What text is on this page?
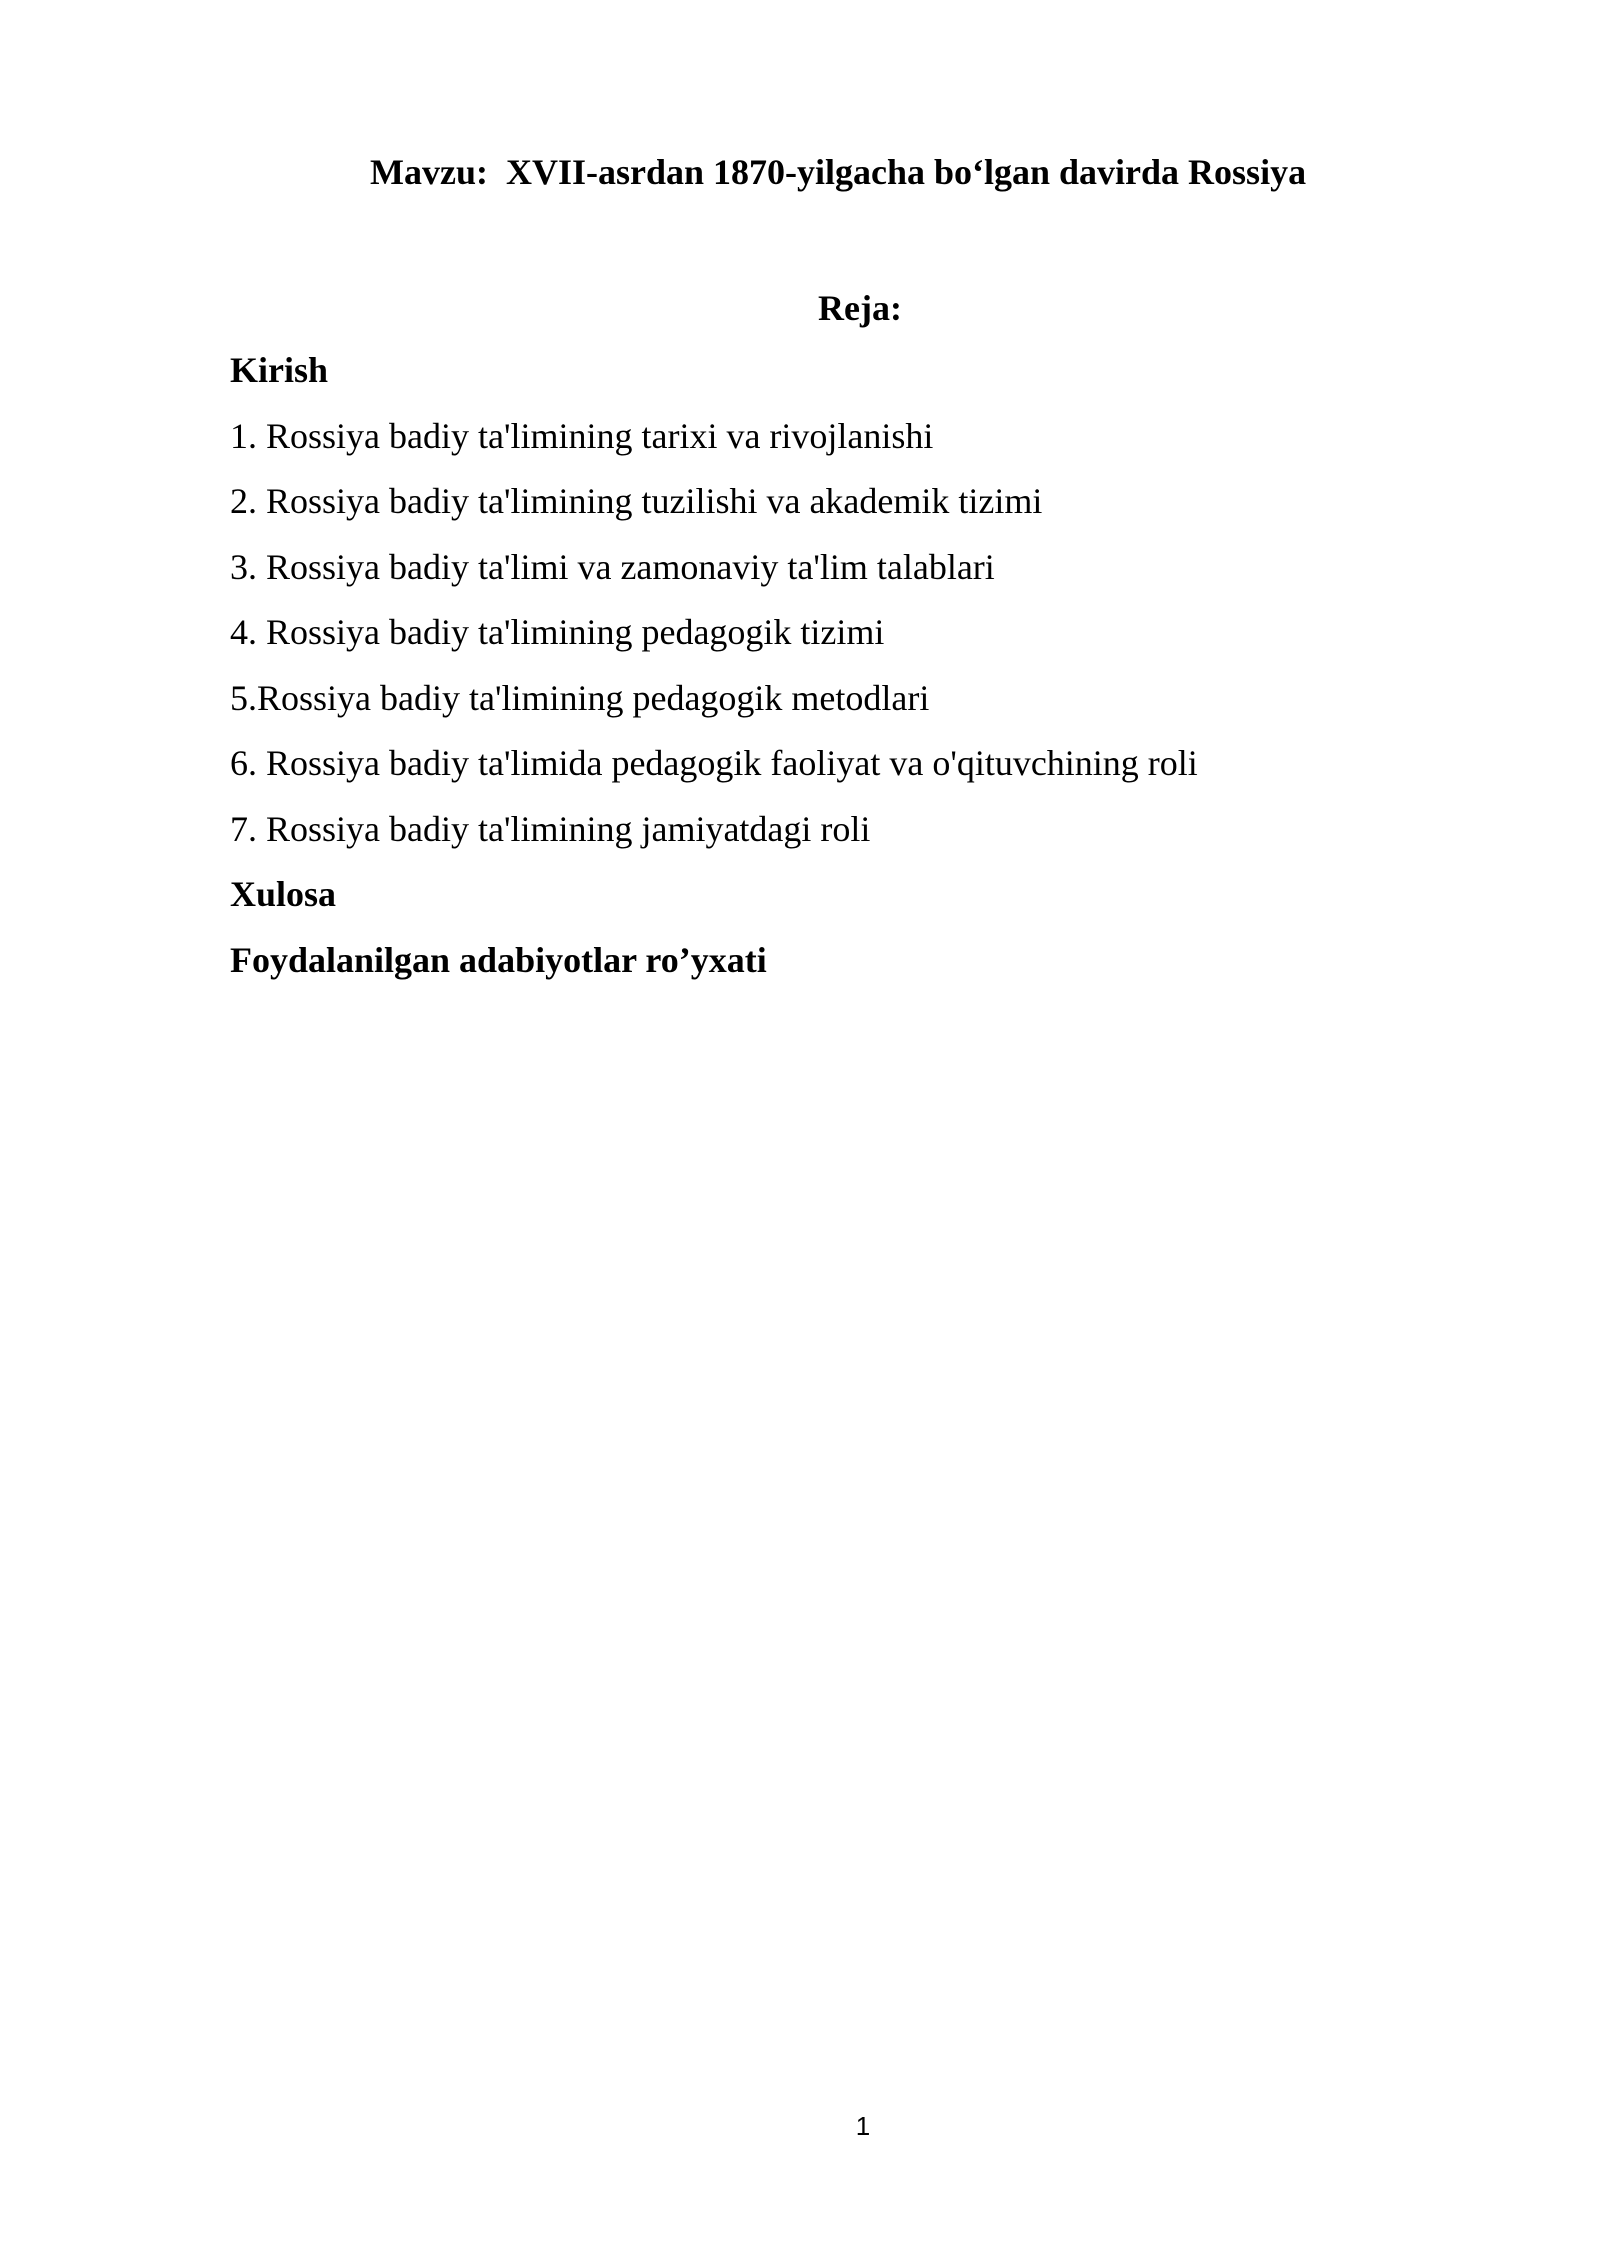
Mavzu:  XVII-asrdan 1870-yilgacha bo‘lgan davirda Rossiya
Reja:
Kirish
1. Rossiya badiy ta'limining tarixi va rivojlanishi
2. Rossiya badiy ta'limining tuzilishi va akademik tizimi
3. Rossiya badiy ta'limi va zamonaviy ta'lim talablari
4. Rossiya badiy ta'limining pedagogik tizimi
5.Rossiya badiy ta'limining pedagogik metodlari
6. Rossiya badiy ta'limida pedagogik faoliyat va o'qituvchining roli
7. Rossiya badiy ta'limining jamiyatdagi roli
Xulosa
Foydalanilgan adabiyotlar ro’yxati
1
